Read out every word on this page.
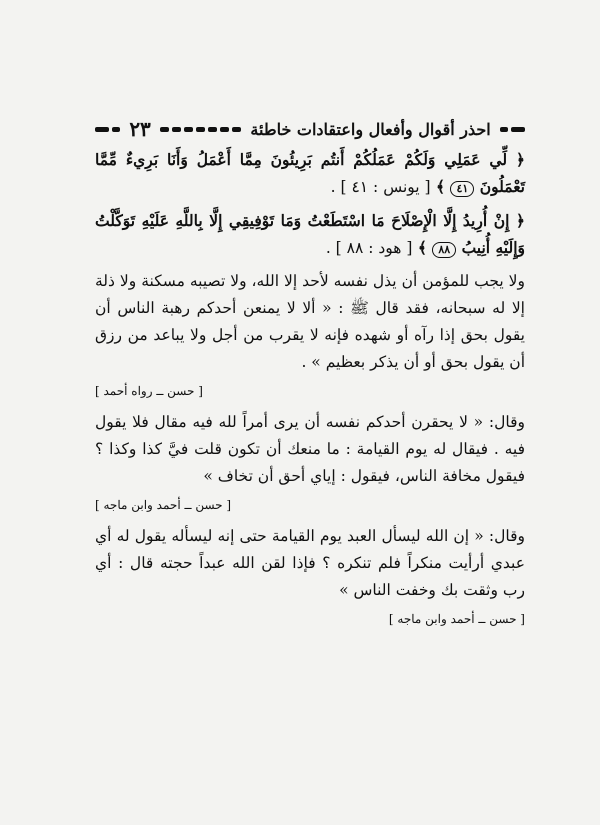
احذر أقوال وأفعال واعتقادات خاطئة
٢٣

﴿ لِّي عَمَلِي وَلَكُمْ عَمَلُكُمْ أَنتُم بَرِيئُونَ مِمَّا أَعْمَلُ وَأَنَا بَرِيءٌ مِّمَّا تَعْمَلُونَ ٤١ ﴾ [ يونس : ٤١ ] .

﴿ إِنْ أُرِيدُ إِلَّا الْإِصْلَاحَ مَا اسْتَطَعْتُ وَمَا تَوْفِيقِي إِلَّا بِاللَّهِ عَلَيْهِ تَوَكَّلْتُ وَإِلَيْهِ أُنِيبُ ٨٨ ﴾ [ هود : ٨٨ ] .

ولا يجب للمؤمن أن يذل نفسه لأحد إلا الله، ولا تصيبه مسكنة ولا ذلة إلا له سبحانه، فقد قال ﷺ : « ألا لا يمنعن أحدكم رهبة الناس أن يقول بحق إذا رآه أو شهده فإنه لا يقرب من أجل ولا يباعد من رزق أن يقول بحق أو أن يذكر بعظيم » .

[ حسن ــ رواه أحمد ]

وقال: « لا يحقرن أحدكم نفسه أن يرى أمراً لله فيه مقال فلا يقول فيه . فيقال له يوم القيامة : ما منعك أن تكون قلت فيَّ كذا وكذا ؟ فيقول مخافة الناس، فيقول : إياي أحق أن تخاف »

[ حسن ــ أحمد وابن ماجه ]

وقال: « إن الله ليسأل العبد يوم القيامة حتى إنه ليسأله يقول له أي عبدي أرأيت منكراً فلم تنكره ؟ فإذا لقن الله عبداً حجته قال : أي رب وثقت بك وخفت الناس »

[ حسن ــ أحمد وابن ماجه ]
